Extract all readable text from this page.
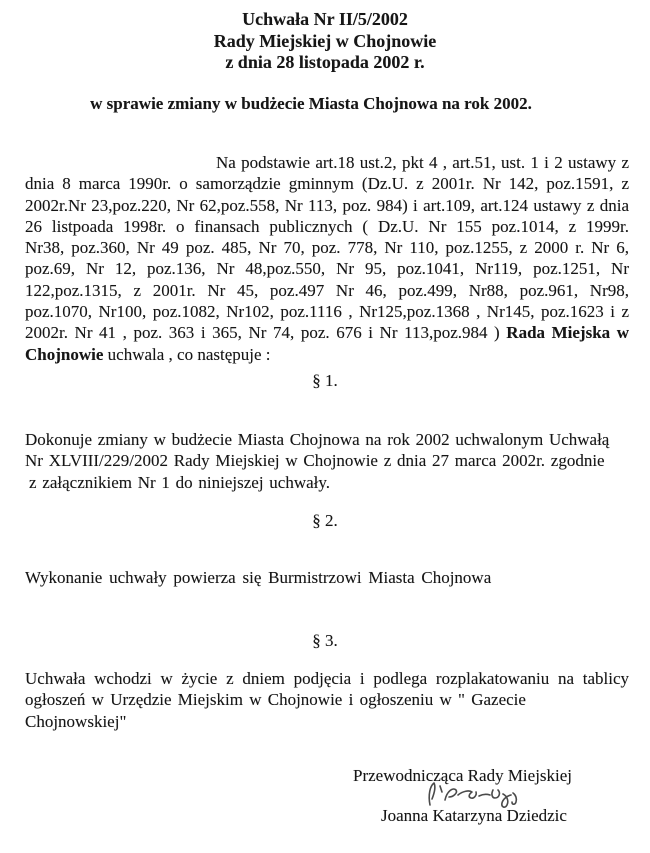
Uchwała Nr II/5/2002
Rady Miejskiej w Chojnowie
z dnia 28 listopada 2002 r.
w sprawie zmiany w budżecie Miasta Chojnowa na rok 2002.
Na podstawie art.18 ust.2, pkt 4 , art.51, ust. 1 i 2 ustawy z
dnia 8 marca 1990r. o samorządzie gminnym (Dz.U. z 2001r. Nr 142, poz.1591, z
2002r.Nr 23,poz.220, Nr 62,poz.558, Nr 113, poz. 984) i art.109, art.124 ustawy z dnia
26 listpoada 1998r. o finansach publicznych ( Dz.U. Nr 155 poz.1014, z 1999r.
Nr38, poz.360, Nr 49 poz. 485, Nr 70, poz. 778, Nr 110, poz.1255, z 2000 r. Nr 6,
poz.69, Nr 12, poz.136, Nr 48,poz.550, Nr 95, poz.1041, Nr119, poz.1251, Nr
122,poz.1315, z 2001r. Nr 45, poz.497 Nr 46, poz.499, Nr88, poz.961, Nr98,
poz.1070, Nr100, poz.1082, Nr102, poz.1116 , Nr125,poz.1368 , Nr145, poz.1623 i z
2002r. Nr 41 , poz. 363 i 365, Nr 74, poz. 676 i Nr 113,poz.984 ) Rada Miejska w
Chojnowie uchwala , co następuje :
§ 1.
Dokonuje zmiany w budżecie Miasta Chojnowa na rok 2002 uchwalonym Uchwałą
Nr XLVIII/229/2002 Rady Miejskiej w Chojnowie z dnia 27 marca 2002r. zgodnie
z załącznikiem Nr 1 do niniejszej uchwały.
§ 2.
Wykonanie uchwały powierza się Burmistrzowi Miasta Chojnowa
§ 3.
Uchwała wchodzi w życie z dniem podjęcia i podlega rozplakatowaniu na tablicy
ogłoszeń w Urzędzie Miejskim w Chojnowie i ogłoszeniu w " Gazecie Chojnowskiej"
Przewodnicząca Rady Miejskiej
Joanna Katarzyna Dziedzic
